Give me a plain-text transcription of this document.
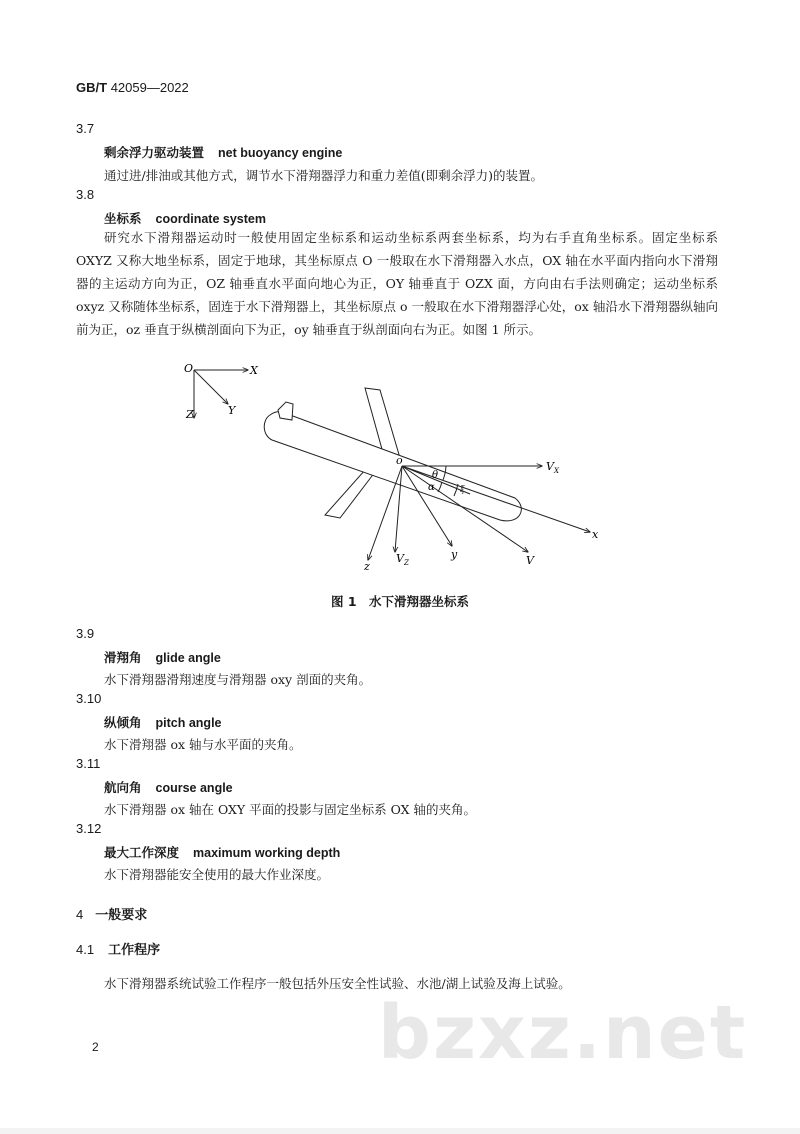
GB/T 42059—2022
3.7
剩余浮力驱动装置 net buoyancy engine
通过进/排油或其他方式，调节水下滑翔器浮力和重力差值(即剩余浮力)的装置。
3.8
坐标系 coordinate system
研究水下滑翔器运动时一般使用固定坐标系和运动坐标系两套坐标系，均为右手直角坐标系。固定坐标系 OXYZ 又称大地坐标系，固定于地球，其坐标原点 O 一般取在水下滑翔器入水点，OX 轴在水平面内指向水下滑翔器的主运动方向为正，OZ 轴垂直水平面向地心为正，OY 轴垂直于 OZX 面，方向由右手法则确定；运动坐标系 oxyz 又称随体坐标系，固连于水下滑翔器上，其坐标原点 o 一般取在水下滑翔器浮心处，ox 轴沿水下滑翔器纵轴向前为正，oz 垂直于纵横剖面向下为正，oy 轴垂直于纵剖面向右为正。如图 1 所示。
O	X
Z	Y
o	$V_X$
x
$V_Z$
z
y	V
θ
α	ξ
图 1　水下滑翔器坐标系
3.9
滑翔角 glide angle
水下滑翔器滑翔速度与滑翔器 oxy 剖面的夹角。
3.10
纵倾角 pitch angle
水下滑翔器 ox 轴与水平面的夹角。
3.11
航向角 course angle
水下滑翔器 ox 轴在 OXY 平面的投影与固定坐标系 OX 轴的夹角。
3.12
最大工作深度 maximum working depth
水下滑翔器能安全使用的最大作业深度。
4 一般要求
4.1 工作程序
水下滑翔器系统试验工作程序一般包括外压安全性试验、水池/湖上试验及海上试验。
bzxz.net
2
